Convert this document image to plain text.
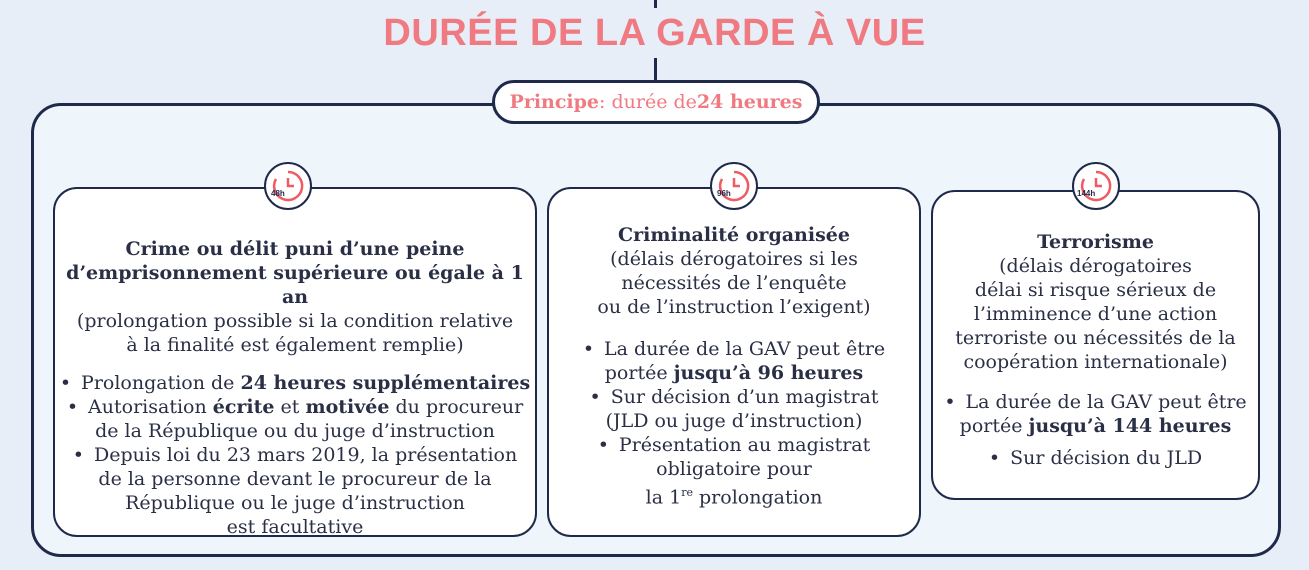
DURÉE DE LA GARDE À VUE
Principe : durée de 24 heures
48h
Crime ou délit puni d’une peine
d’emprisonnement supérieure ou égale à 1 an
(prolongation possible si la condition relative
à la finalité est également remplie)
• Prolongation de 24 heures supplémentaires
• Autorisation écrite et motivée du procureur
de la République ou du juge d’instruction
• Depuis loi du 23 mars 2019, la présentation
de la personne devant le procureur de la
République ou le juge d’instruction
est facultative
96h
Criminalité organisée
(délais dérogatoires si les
nécessités de l’enquête
ou de l’instruction l’exigent)
• La durée de la GAV peut être
portée jusqu’à 96 heures
• Sur décision d’un magistrat
(JLD ou juge d’instruction)
• Présentation au magistrat
obligatoire pour
la 1re prolongation
144h
Terrorisme
(délais dérogatoires
délai si risque sérieux de
l’imminence d’une action
terroriste ou nécessités de la
coopération internationale)
• La durée de la GAV peut être
portée jusqu’à 144 heures
• Sur décision du JLD
